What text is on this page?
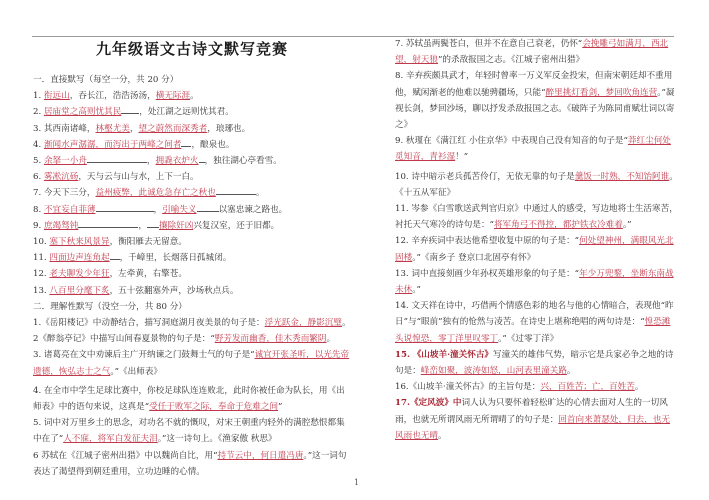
九年级语文古诗文默写竞赛
一．直接默写（每空一分，共 20 分）
1. 衔远山，吞长江，浩浩汤汤，横无际涯。
2. 居庙堂之高则忧其民 ，处江湖之远则忧其君。
3. 其西南诸峰，林壑尤美，望之蔚然而深秀者，琅琊也。
4. 渐闻水声潺潺，而泻出于两峰之间者 ，酿泉也。
5. 余拏一小舟	，拥毳衣炉火 ，独往湖心亭看雪。
6. 雾凇沆砀，天与云与山与水，上下一白。
7. 今天下三分，益州疲弊，此诚危急存亡之秋也	。
8. 不宜妄自菲薄	，引喻失义	以塞忠谏之路也。
9. 庶竭驽钝	， 攘除奸凶兴复汉室，还于旧都。
10. 塞下秋来风景异，衡阳雁去无留意。
11. 四面边声连角起 ，千嶂里，长烟落日孤城闭。
12. 老夫聊发少年狂，左牵黄，右擎苍。
13. 八百里分麾下炙，五十弦翻塞外声，沙场秋点兵。
二．理解性默写（没空一分，共 80 分）
1.《岳阳楼记》中动静结合，描写洞庭湖月夜美景的句子是：浮光跃金，静影沉璧。
2《醉翁亭记》中描写山间春夏景物的句子是：“野芳发而幽香，佳木秀而繁阴。
3. 诸葛亮在文中劝谏后主广开纳谏之门鼓舞士气的句子是“诚宜开张圣听，以光先帝遗德，恢弘志士之气。”《出师表》
4. 在全市中学生足球比赛中，你校足球队连连败北，此时你被任命为队长，用《出师表》中的语句来说，这真是“受任于败军之际，奉命于危难之间”
5. 词中对万里乡土的思念，对功名不就的慨叹，对宋王朝重内轻外的满腔愁恨都集中在了“人不寐，将军白发征夫泪。”这一诗句上。《渔家傲 秋思》
6 苏轼在《江城子密州出猎》中以魏尚自比，用“持节云中，何日遣冯唐。”这一词句表达了渴望得到朝廷重用，立功边睡的心情。
7. 苏轼虽两鬓苍白，但并不在意自己衰老，仍怀“会挽雕弓如满月，西北望，射天狼”的杀敌报国之志。《江城子密州出猎》
8. 辛弃疾颇具武才，年轻时曾率一万义军反金投宋，但南宋朝廷却不重用他，赋闲渐老的他难以驰骋疆场，只能“醉里挑灯看剑，梦回吹角连营。”凝视长剑，梦回沙场，聊以抒发杀敌报国之志。《破阵子为陈同甫赋壮词以寄之》
9. 秋瑾在《满江红 小住京华》中表现自己没有知音的句子是“莽红尘何处觅知音，青衫湿！”
10. 诗中暗示老兵孤苦伶仃，无依无靠的句子是羹饭一时熟，不知饴阿谁。《十五从军征》
11. 岑参《白雪歌送武判官归京》中通过人的感受，写边地将士生活寒苦，衬托天气寒冷的诗句是：“将军角弓不得控，都护铁衣冷难着。”
12. 辛弃疾词中表达他希望收复中原的句子是：“何处望神州，满眼风光北固楼。”《南乡子 登京口北固亭有怀》
13. 词中直接刻画少年孙权英雄形象的句子是：“年少万兜鍪，坐断东南战未休。”
14. 文天祥在诗中，巧借两个情感色彩的地名与他的心情暗合，表现他“昨日”与“眼前”独有的怆然与凌苦。在诗史上堪称绝唱的两句诗是：“惶恐滩头说惶恐，零丁洋里叹零丁。”《过零丁洋》
15. 《山坡羊·潼关怀古》写潼关的雄伟气势，暗示它是兵家必争之地的诗句是：峰峦如聚，波涛如怒，山河表里潼关路。
16.《山坡羊·潼关怀古》的主旨句是：兴，百姓苦；亡，百姓苦。
17.《定风波》中词人认为只要怀着轻松旷达的心情去面对人生的一切风雨，也就无所谓风雨无所谓晴了的句子是：回首向来萧瑟处，归去，也无风雨也无晴。
1
